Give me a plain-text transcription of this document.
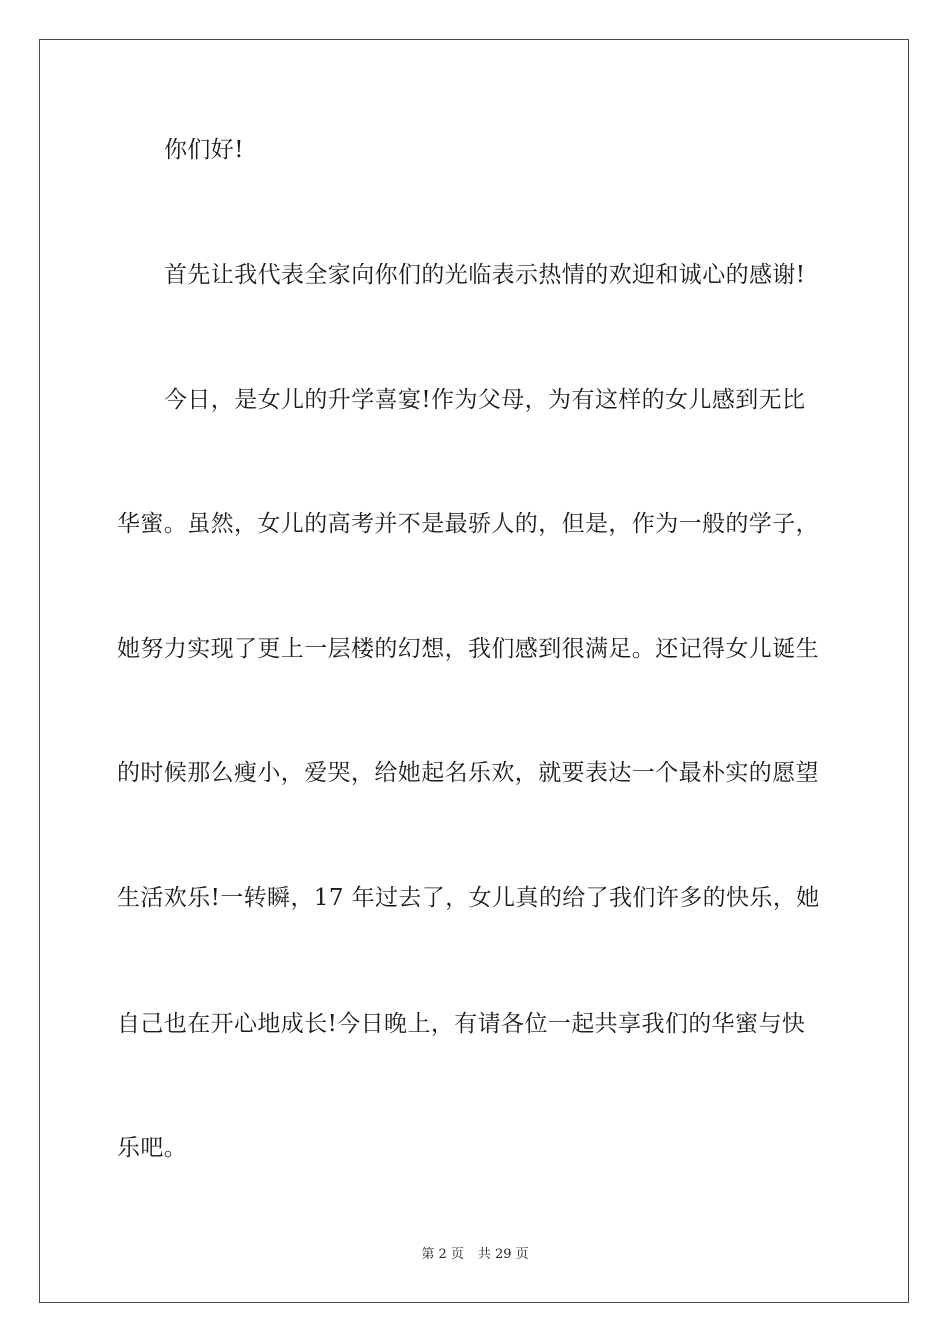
你们好!
首先让我代表全家向你们的光临表示热情的欢迎和诚心的感谢!
今日，是女儿的升学喜宴!作为父母，为有这样的女儿感到无比
华蜜。虽然，女儿的高考并不是最骄人的，但是，作为一般的学子，
她努力实现了更上一层楼的幻想，我们感到很满足。还记得女儿诞生
的时候那么瘦小，爱哭，给她起名乐欢，就要表达一个最朴实的愿望
生活欢乐!一转瞬，17 年过去了，女儿真的给了我们许多的快乐，她
自己也在开心地成长!今日晚上，有请各位一起共享我们的华蜜与快
乐吧。
第 2 页 共 29 页
